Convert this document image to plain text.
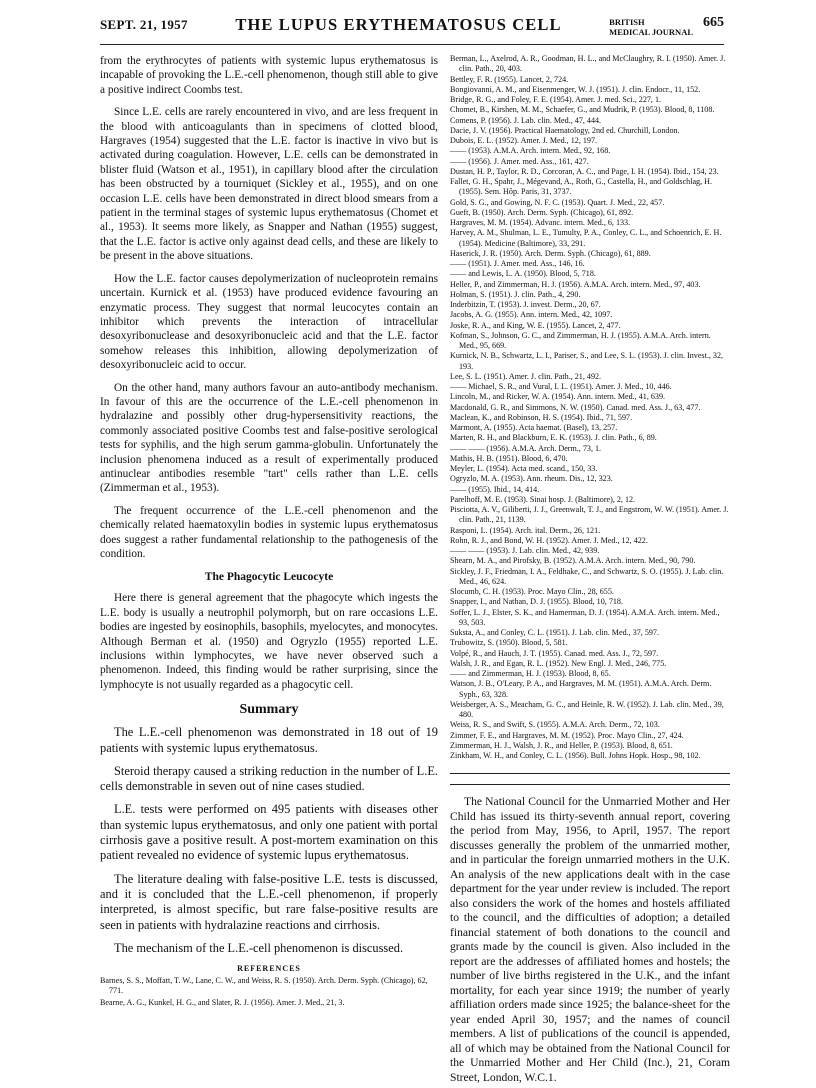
SEPT. 21, 1957	THE LUPUS ERYTHEMATOSUS CELL	BRITISH
MEDICAL JOURNAL
665

from the erythrocytes of patients with systemic lupus erythematosus is incapable of provoking the L.E.-cell phenomenon, though still able to give a positive indirect Coombs test.

Since L.E. cells are rarely encountered in vivo, and are less frequent in the blood with anticoagulants than in specimens of clotted blood, Hargraves (1954) suggested that the L.E. factor is inactive in vivo but is activated during coagulation. However, L.E. cells can be demonstrated in blister fluid (Watson et al., 1951), in capillary blood after the circulation has been obstructed by a tourniquet (Sickley et al., 1955), and on one occasion L.E. cells have been demonstrated in direct blood smears from a patient in the terminal stages of systemic lupus erythematosus (Chomet et al., 1953). It seems more likely, as Snapper and Nathan (1955) suggest, that the L.E. factor is active only against dead cells, and these are likely to be present in the above situations.

How the L.E. factor causes depolymerization of nucleoprotein remains uncertain. Kurnick et al. (1953) have produced evidence favouring an enzymatic process. They suggest that normal leucocytes contain an inhibitor which prevents the interaction of intracellular desoxyribonuclease and desoxyribonucleic acid and that the L.E. factor somehow releases this inhibition, allowing depolymerization of desoxyribonucleic acid to occur.

On the other hand, many authors favour an auto-antibody mechanism. In favour of this are the occurrence of the L.E.-cell phenomenon in hydralazine and possibly other drug-hypersensitivity reactions, the commonly associated positive Coombs test and false-positive serological tests for syphilis, and the high serum gamma-globulin. Unfortunately the inclusion phenomena induced as a result of experimentally produced antinuclear antibodies resemble "tart" cells rather than L.E. cells (Zimmerman et al., 1953).

The frequent occurrence of the L.E.-cell phenomenon and the chemically related haematoxylin bodies in systemic lupus erythematosus does suggest a rather fundamental relationship to the pathogenesis of the condition.

The Phagocytic Leucocyte

Here there is general agreement that the phagocyte which ingests the L.E. body is usually a neutrophil polymorph, but on rare occasions L.E. bodies are ingested by eosinophils, basophils, myelocytes, and monocytes. Although Berman et al. (1950) and Ogryzlo (1955) reported L.E. inclusions within lymphocytes, we have never observed such a phenomenon. Indeed, this finding would be rather surprising, since the lymphocyte is not usually regarded as a phagocytic cell.

Summary

The L.E.-cell phenomenon was demonstrated in 18 out of 19 patients with systemic lupus erythematosus.

Steroid therapy caused a striking reduction in the number of L.E. cells demonstrable in seven out of nine cases studied.

L.E. tests were performed on 495 patients with diseases other than systemic lupus erythematosus, and only one patient with portal cirrhosis gave a positive result. A post-mortem examination on this patient revealed no evidence of systemic lupus erythematosus.

The literature dealing with false-positive L.E. tests is discussed, and it is concluded that the L.E.-cell phenomenon, if properly interpreted, is almost specific, but rare false-positive results are seen in patients with hydralazine reactions and cirrhosis.

The mechanism of the L.E.-cell phenomenon is discussed.

REFERENCES
Barnes, S. S., Moffatt, T. W., Lane, C. W., and Weiss, R. S. (1950). Arch. Derm. Syph. (Chicago), 62, 771.
Bearne, A. G., Kunkel, H. G., and Slater, R. J. (1956). Amer. J. Med., 21, 3.
Berman, L., Axelrod, A. R., Goodman, H. L., and McClaughry, R. I. (1950). Amer. J. clin. Path., 20, 403.
Bettley, F. R. (1955). Lancet, 2, 724.
Bongiovanni, A. M., and Eisenmenger, W. J. (1951). J. clin. Endocr., 11, 152.
Bridge, R. G., and Foley, F. E. (1954). Amer. J. med. Sci., 227, 1.
Chomet, B., Kirshen, M. M., Schaefer, G., and Mudrik, P. (1953). Blood, 8, 1108.
Comens, P. (1956). J. Lab. clin. Med., 47, 444.
Dacie, J. V. (1956). Practical Haematology, 2nd ed. Churchill, London.
Dubois, E. L. (1952). Amer. J. Med., 12, 197.
—— (1953). A.M.A. Arch. intern. Med., 92, 168.
—— (1956). J. Amer. med. Ass., 161, 427.
Dustan, H. P., Taylor, R. D., Corcoran, A. C., and Page, I. H. (1954). Ibid., 154, 23.
Fallet, G. H., Spahr, J., Mégevand, A., Roth, G., Castella, H., and Goldschlag, H. (1955). Sem. Hôp. Paris, 31, 3737.
Gold, S. G., and Gowing, N. F. C. (1953). Quart. J. Med., 22, 457.
Gueft, B. (1950). Arch. Derm. Syph. (Chicago), 61, 892.
Hargraves, M. M. (1954). Advanc. intern. Med., 6, 133.
Harvey, A. M., Shulman, L. E., Tumulty, P. A., Conley, C. L., and Schoenrich, E. H. (1954). Medicine (Baltimore), 33, 291.
Haserick, J. R. (1950). Arch. Derm. Syph. (Chicago), 61, 889.
—— (1951). J. Amer. med. Ass., 146, 16.
—— and Lewis, L. A. (1950). Blood, 5, 718.
Heller, P., and Zimmerman, H. J. (1956). A.M.A. Arch. intern. Med., 97, 403.
Holman, S. (1951). J. clin. Path., 4, 290.
Inderbitzin, T. (1953). J. invest. Derm., 20, 67.
Jacobs, A. G. (1955). Ann. intern. Med., 42, 1097.
Joske, R. A., and King, W. E. (1955). Lancet, 2, 477.
Kofman, S., Johnson, G. C., and Zimmerman, H. J. (1955). A.M.A. Arch. intern. Med., 95, 669.
Kurnick, N. B., Schwartz, L. I., Pariser, S., and Lee, S. L. (1953). J. clin. Invest., 32, 193.
Lee, S. L. (1951). Amer. J. clin. Path., 21, 492.
—— Michael, S. R., and Vural, I. L. (1951). Amer. J. Med., 10, 446.
Lincoln, M., and Ricker, W. A. (1954). Ann. intern. Med., 41, 639.
Macdonald, G. R., and Simmons, N. W. (1950). Canad. med. Ass. J., 63, 477.
Maclean, K., and Robinson, H. S. (1954). Ibid., 71, 597.
Marmont, A. (1955). Acta haemat. (Basel), 13, 257.
Marten, R. H., and Blackburn, E. K. (1953). J. clin. Path., 6, 89.
—— —— (1956). A.M.A. Arch. Derm., 73, 1.
Mathis, H. B. (1951). Blood, 6, 470.
Meyler, L. (1954). Acta med. scand., 150, 33.
Ogryzlo, M. A. (1953). Ann. rheum. Dis., 12, 323.
—— (1955). Ibid., 14, 414.
Parelhoff, M. E. (1953). Sinai hosp. J. (Baltimore), 2, 12.
Pisciotta, A. V., Giliberti, J. J., Greenwalt, T. J., and Engstrom, W. W. (1951). Amer. J. clin. Path., 21, 1139.
Rasponi, L. (1954). Arch. ital. Derm., 26, 121.
Rohn, R. J., and Bond, W. H. (1952). Amer. J. Med., 12, 422.
—— —— (1953). J. Lab. clin. Med., 42, 939.
Shearn, M. A., and Pirofsky, B. (1952). A.M.A. Arch. intern. Med., 90, 790.
Sickley, J. F., Friedman, I. A., Feldhake, C., and Schwartz, S. O. (1955). J. Lab. clin. Med., 46, 624.
Slocumb, C. H. (1953). Proc. Mayo Clin., 28, 655.
Snapper, I., and Nathan, D. J. (1955). Blood, 10, 718.
Soffer, L. J., Elster, S. K., and Hamerman, D. J. (1954). A.M.A. Arch. intern. Med., 93, 503.
Suksta, A., and Conley, C. L. (1951). J. Lab. clin. Med., 37, 597.
Trubowitz, S. (1950). Blood, 5, 581.
Volpé, R., and Hauch, J. T. (1955). Canad. med. Ass. J., 72, 597.
Walsh, J. R., and Egan, R. L. (1952). New Engl. J. Med., 246, 775.
—— and Zimmerman, H. J. (1953). Blood, 8, 65.
Watson, J. B., O'Leary, P. A., and Hargraves, M. M. (1951). A.M.A. Arch. Derm. Syph., 63, 328.
Weisberger, A. S., Meacham, G. C., and Heinle, R. W. (1952). J. Lab. clin. Med., 39, 480.
Weiss, R. S., and Swift, S. (1955). A.M.A. Arch. Derm., 72, 103.
Zimmer, F. E., and Hargraves, M. M. (1952). Proc. Mayo Clin., 27, 424.
Zimmerman, H. J., Walsh, J. R., and Heller, P. (1953). Blood, 8, 651.
Zinkham, W. H., and Conley, C. L. (1956). Bull. Johns Hopk. Hosp., 98, 102.

The National Council for the Unmarried Mother and Her Child has issued its thirty-seventh annual report, covering the period from May, 1956, to April, 1957. The report discusses generally the problem of the unmarried mother, and in particular the foreign unmarried mothers in the U.K. An analysis of the new applications dealt with in the case department for the year under review is included. The report also considers the work of the homes and hostels affiliated to the council, and the difficulties of adoption; a detailed financial statement of both donations to the council and grants made by the council is given. Also included in the report are the addresses of affiliated homes and hostels; the number of live births registered in the U.K., and the infant mortality, for each year since 1919; the number of yearly affiliation orders made since 1925; the balance-sheet for the year ended April 30, 1957; and the names of council members. A list of publications of the council is appended, all of which may be obtained from the National Council for the Unmarried Mother and Her Child (Inc.), 21, Coram Street, London, W.C.1.
